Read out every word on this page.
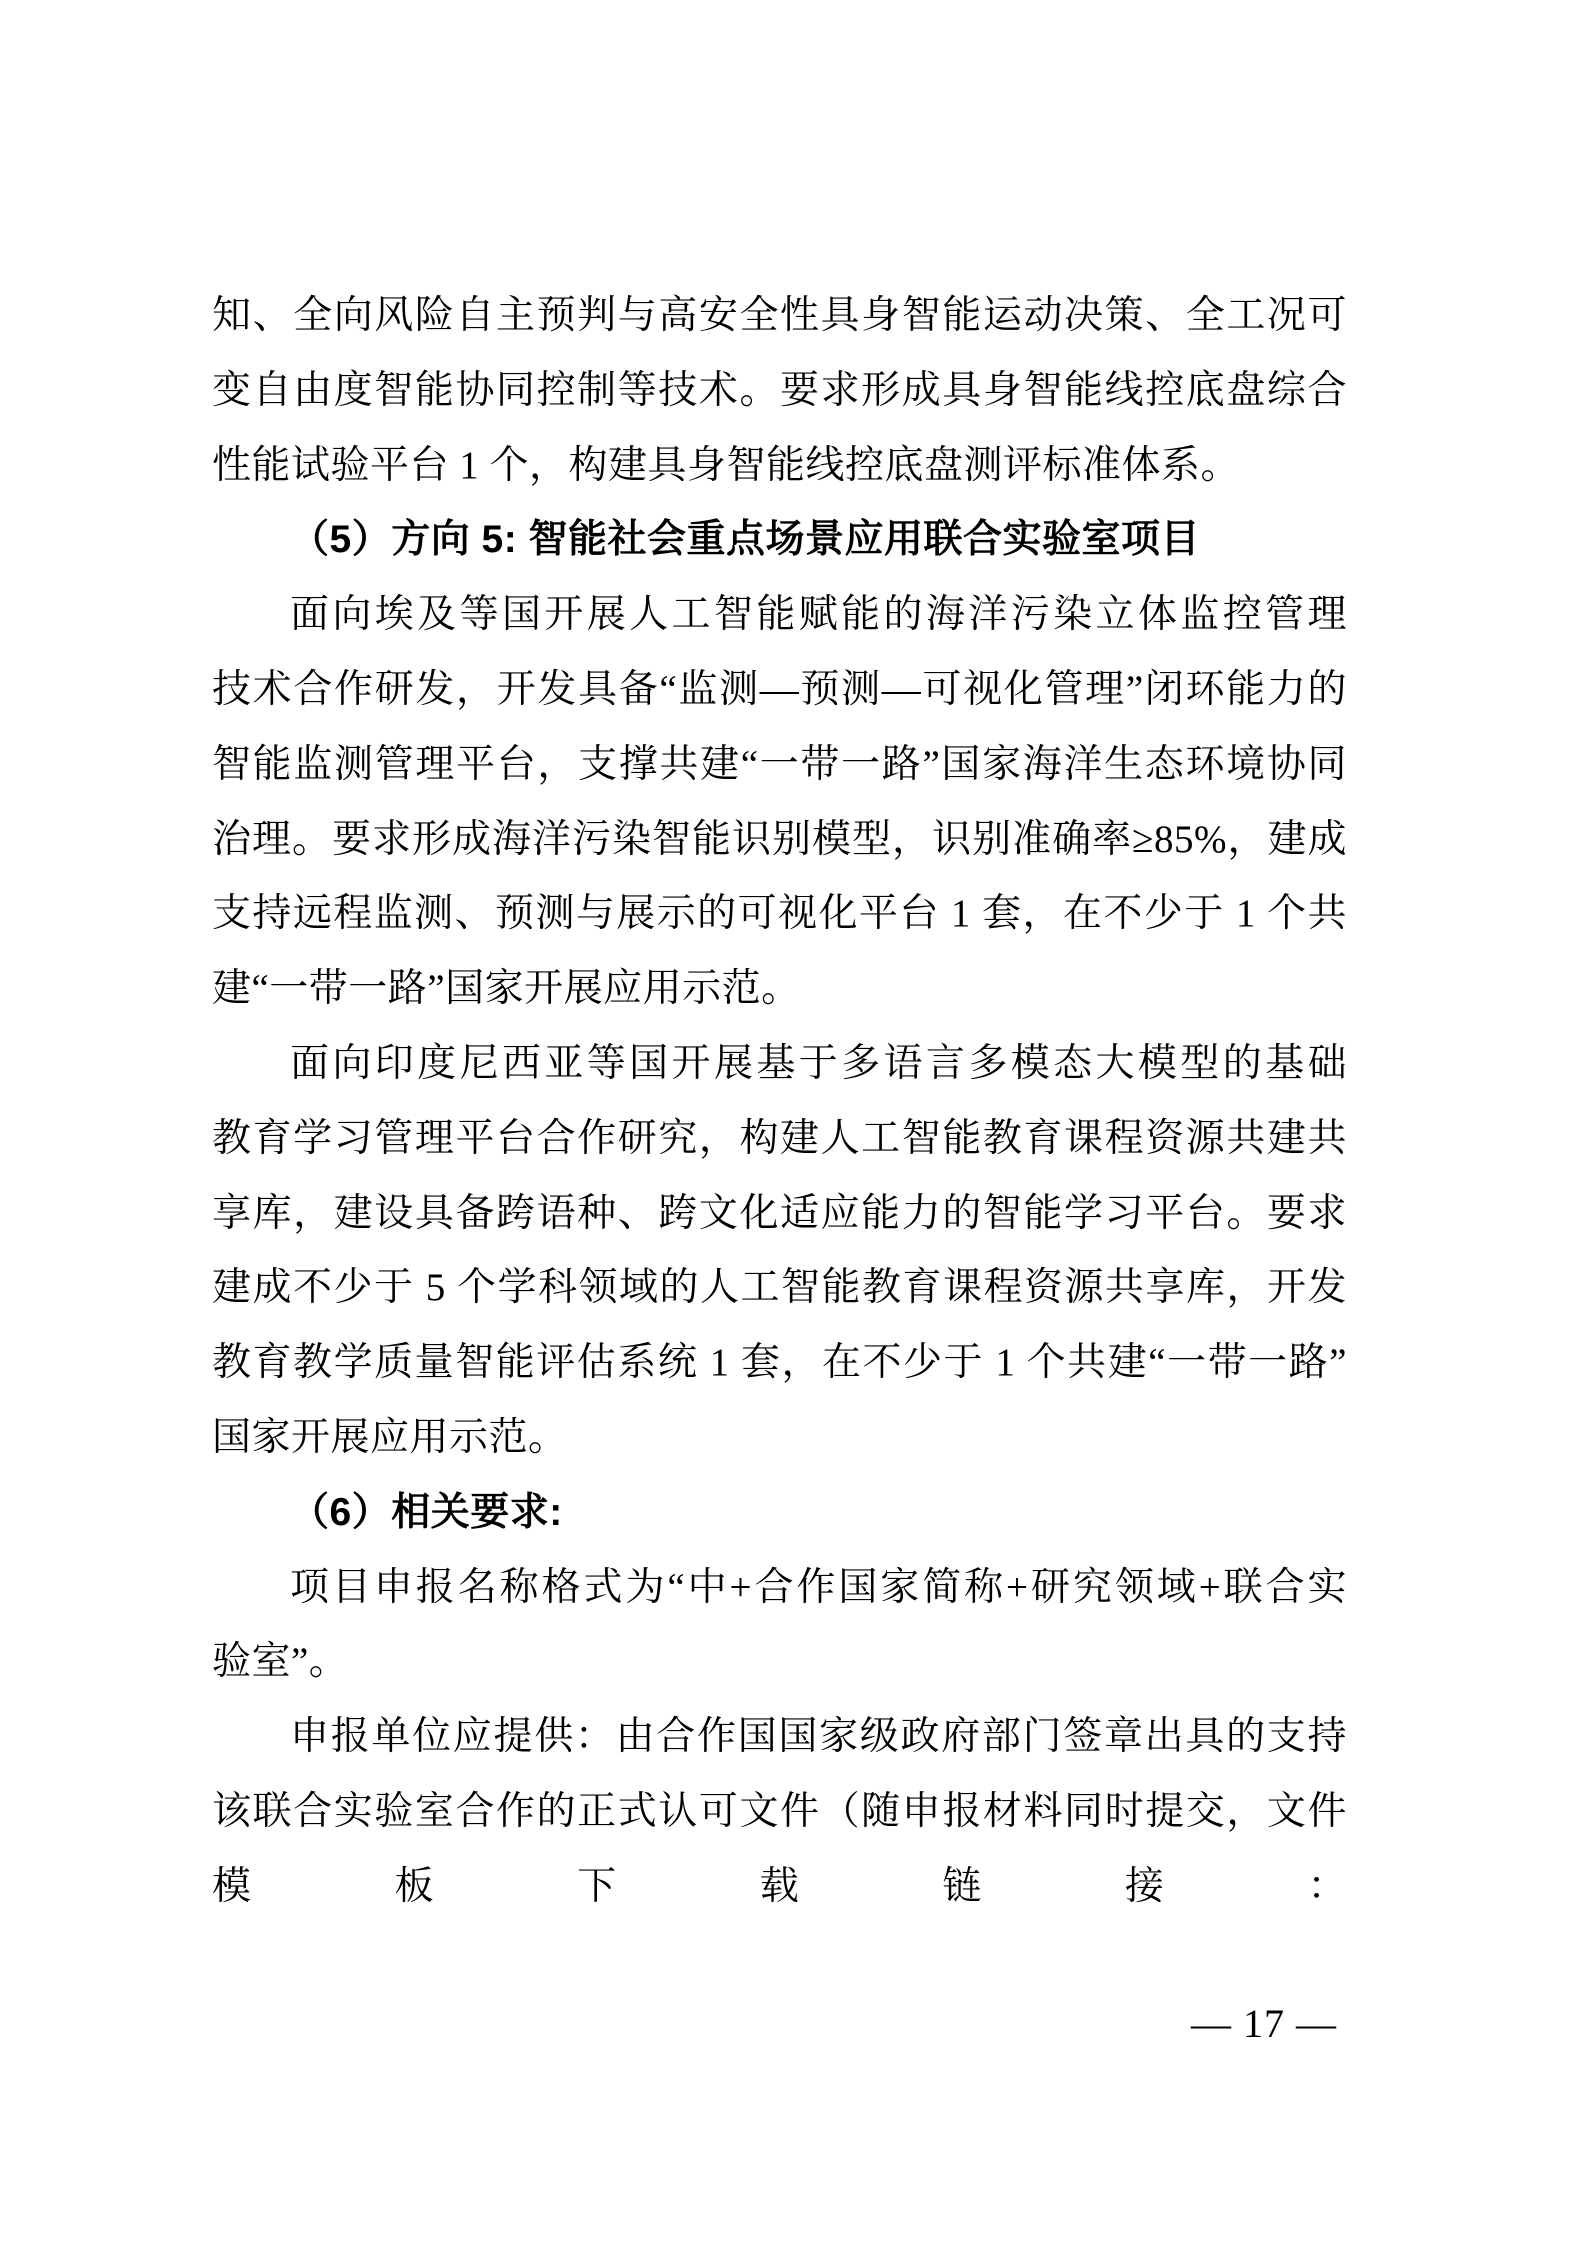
知、全向风险自主预判与高安全性具身智能运动决策、全工况可
变自由度智能协同控制等技术。要求形成具身智能线控底盘综合
性能试验平台 1 个，构建具身智能线控底盘测评标准体系。
（5）方向 5: 智能社会重点场景应用联合实验室项目
面向埃及等国开展人工智能赋能的海洋污染立体监控管理
技术合作研发，开发具备“监测—预测—可视化管理”闭环能力的
智能监测管理平台，支撑共建“一带一路”国家海洋生态环境协同
治理。要求形成海洋污染智能识别模型，识别准确率≥85%，建成
支持远程监测、预测与展示的可视化平台 1 套，在不少于 1 个共
建“一带一路”国家开展应用示范。
面向印度尼西亚等国开展基于多语言多模态大模型的基础
教育学习管理平台合作研究，构建人工智能教育课程资源共建共
享库，建设具备跨语种、跨文化适应能力的智能学习平台。要求
建成不少于 5 个学科领域的人工智能教育课程资源共享库，开发
教育教学质量智能评估系统 1 套，在不少于 1 个共建“一带一路”
国家开展应用示范。
（6）相关要求:
项目申报名称格式为“中+合作国家简称+研究领域+联合实
验室”。
申报单位应提供：由合作国国家级政府部门签章出具的支持
该联合实验室合作的正式认可文件（随申报材料同时提交，文件
模 板 下 载 链 接 ：
— 17 —
